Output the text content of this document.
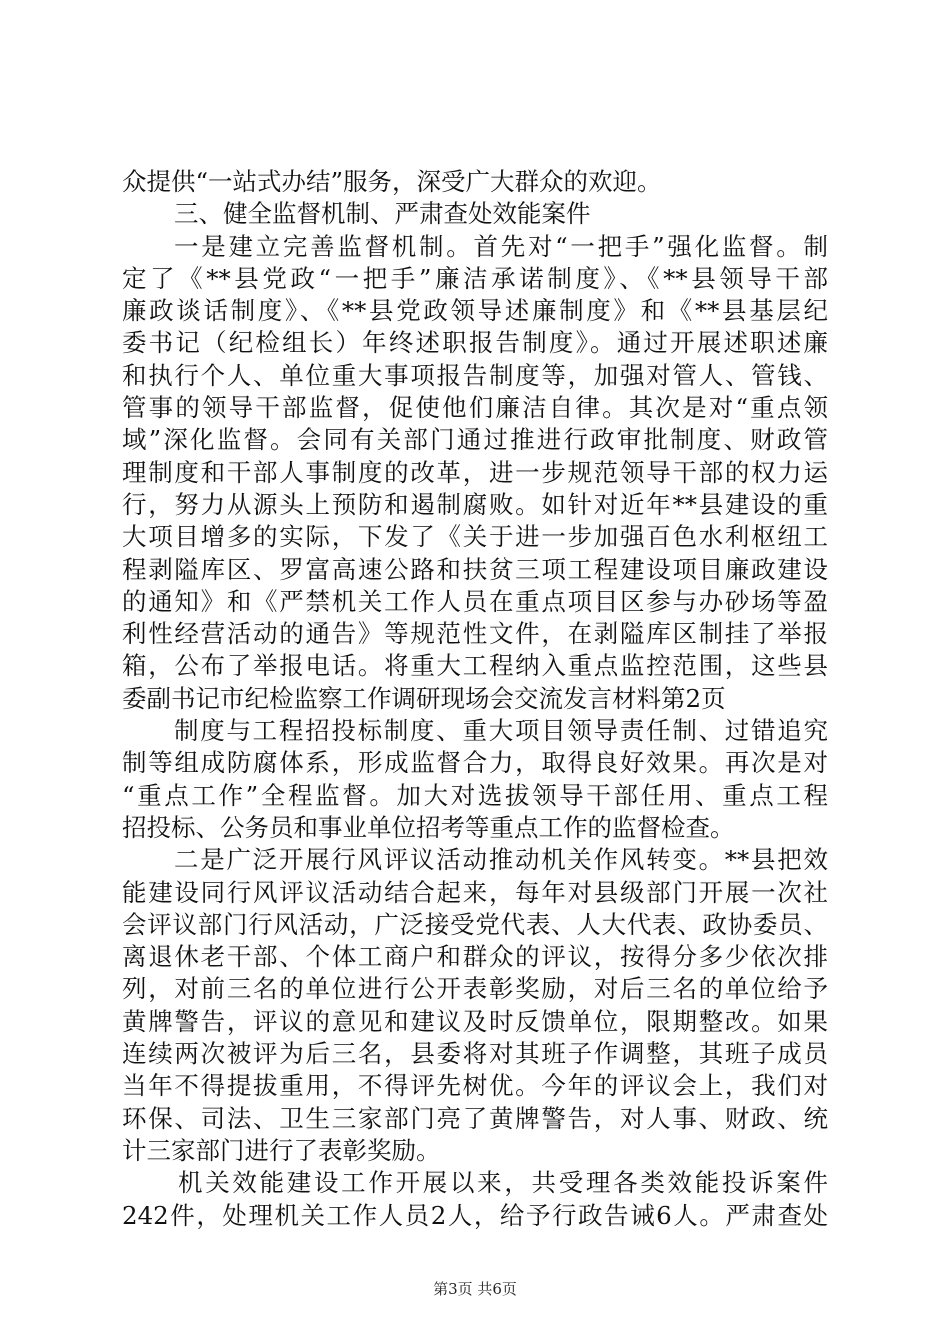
众提供“一站式办结”服务，深受广大群众的欢迎。
三、健全监督机制、严肃查处效能案件
一是建立完善监督机制。首先对“一把手”强化监督。制
定了《**县党政“一把手”廉洁承诺制度》、《**县领导干部
廉政谈话制度》、《**县党政领导述廉制度》和《**县基层纪
委书记（纪检组长）年终述职报告制度》。通过开展述职述廉
和执行个人、单位重大事项报告制度等，加强对管人、管钱、
管事的领导干部监督，促使他们廉洁自律。其次是对“重点领
域”深化监督。会同有关部门通过推进行政审批制度、财政管
理制度和干部人事制度的改革，进一步规范领导干部的权力运
行，努力从源头上预防和遏制腐败。如针对近年**县建设的重
大项目增多的实际，下发了《关于进一步加强百色水利枢纽工
程剥隘库区、罗富高速公路和扶贫三项工程建设项目廉政建设
的通知》和《严禁机关工作人员在重点项目区参与办砂场等盈
利性经营活动的通告》等规范性文件，在剥隘库区制挂了举报
箱，公布了举报电话。将重大工程纳入重点监控范围，这些县
委副书记市纪检监察工作调研现场会交流发言材料第2页
制度与工程招投标制度、重大项目领导责任制、过错追究
制等组成防腐体系，形成监督合力，取得良好效果。再次是对
“重点工作”全程监督。加大对选拔领导干部任用、重点工程
招投标、公务员和事业单位招考等重点工作的监督检查。
二是广泛开展行风评议活动推动机关作风转变。**县把效
能建设同行风评议活动结合起来，每年对县级部门开展一次社
会评议部门行风活动，广泛接受党代表、人大代表、政协委员、
离退休老干部、个体工商户和群众的评议，按得分多少依次排
列，对前三名的单位进行公开表彰奖励，对后三名的单位给予
黄牌警告，评议的意见和建议及时反馈单位，限期整改。如果
连续两次被评为后三名，县委将对其班子作调整，其班子成员
当年不得提拔重用，不得评先树优。今年的评议会上，我们对
环保、司法、卫生三家部门亮了黄牌警告，对人事、财政、统
计三家部门进行了表彰奖励。
机关效能建设工作开展以来，共受理各类效能投诉案件
242件，处理机关工作人员2人，给予行政告诫6人。严肃查处
第3页 共6页
